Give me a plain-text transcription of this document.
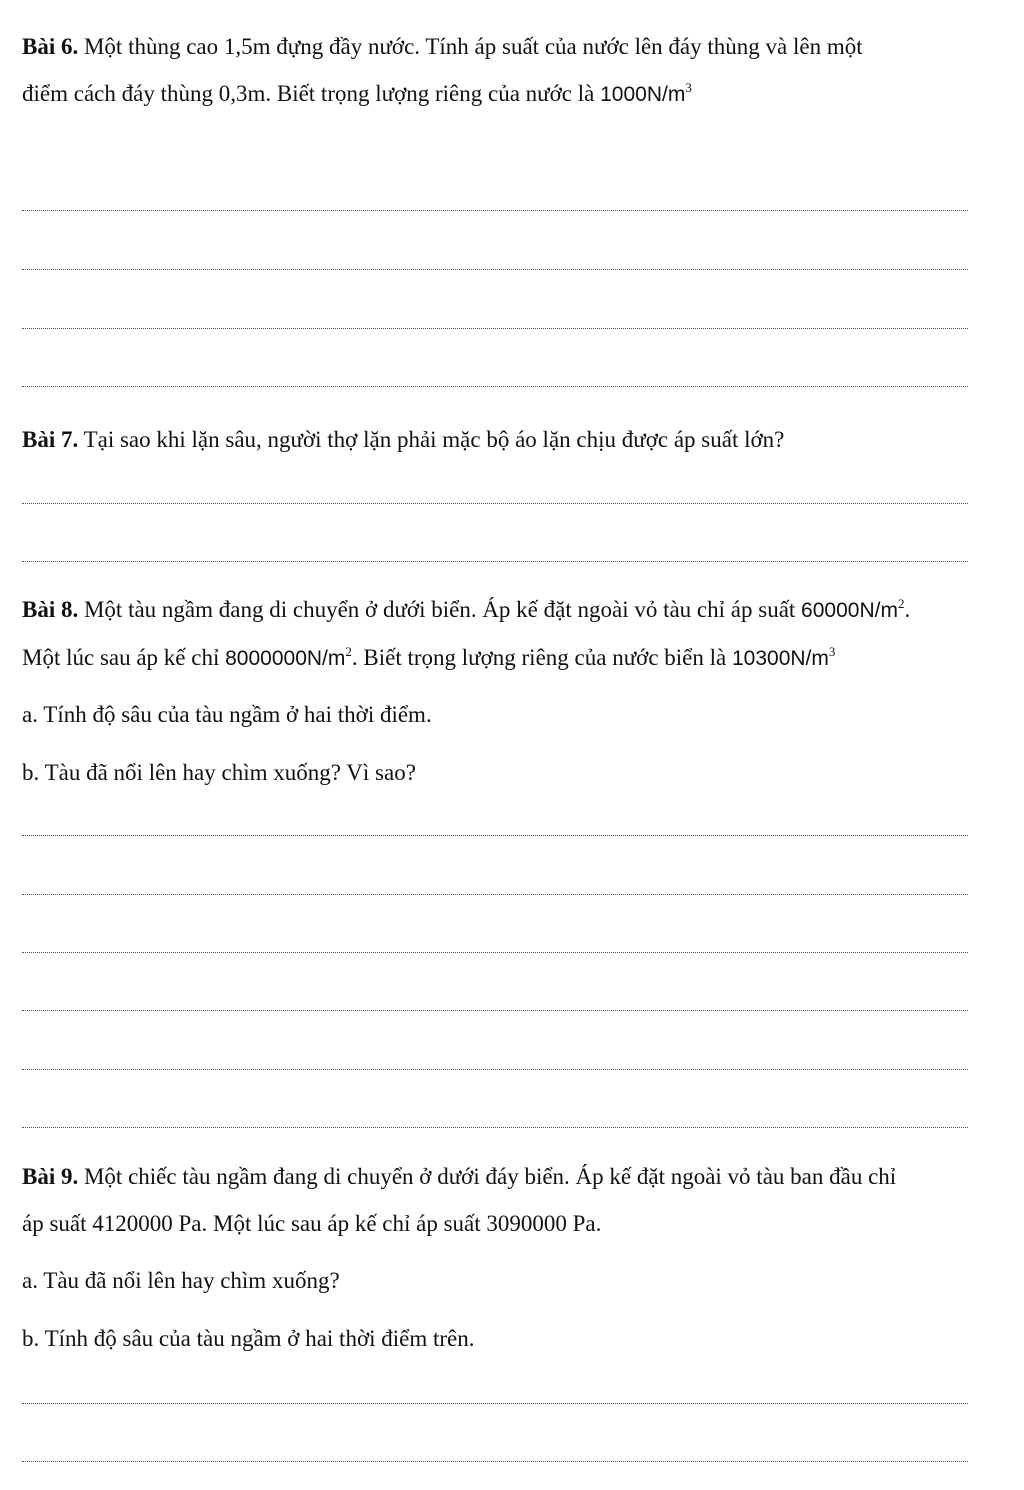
Bài 6. Một thùng cao 1,5m đựng đầy nước. Tính áp suất của nước lên đáy thùng và lên một
điểm cách đáy thùng 0,3m. Biết trọng lượng riêng của nước là $1000N/m^3$
Bài 7. Tại sao khi lặn sâu, người thợ lặn phải mặc bộ áo lặn chịu được áp suất lớn?
Bài 8. Một tàu ngầm đang di chuyển ở dưới biển. Áp kế đặt ngoài vỏ tàu chỉ áp suất $60000N/m^2$.
Một lúc sau áp kế chỉ $8000000N/m^2$. Biết trọng lượng riêng của nước biển là $10300N/m^3$
a. Tính độ sâu của tàu ngầm ở hai thời điểm.
b. Tàu đã nổi lên hay chìm xuống? Vì sao?
Bài 9. Một chiếc tàu ngầm đang di chuyển ở dưới đáy biển. Áp kế đặt ngoài vỏ tàu ban đầu chỉ
áp suất 4120000 Pa. Một lúc sau áp kế chỉ áp suất 3090000 Pa.
a. Tàu đã nổi lên hay chìm xuống?
b. Tính độ sâu của tàu ngầm ở hai thời điểm trên.
